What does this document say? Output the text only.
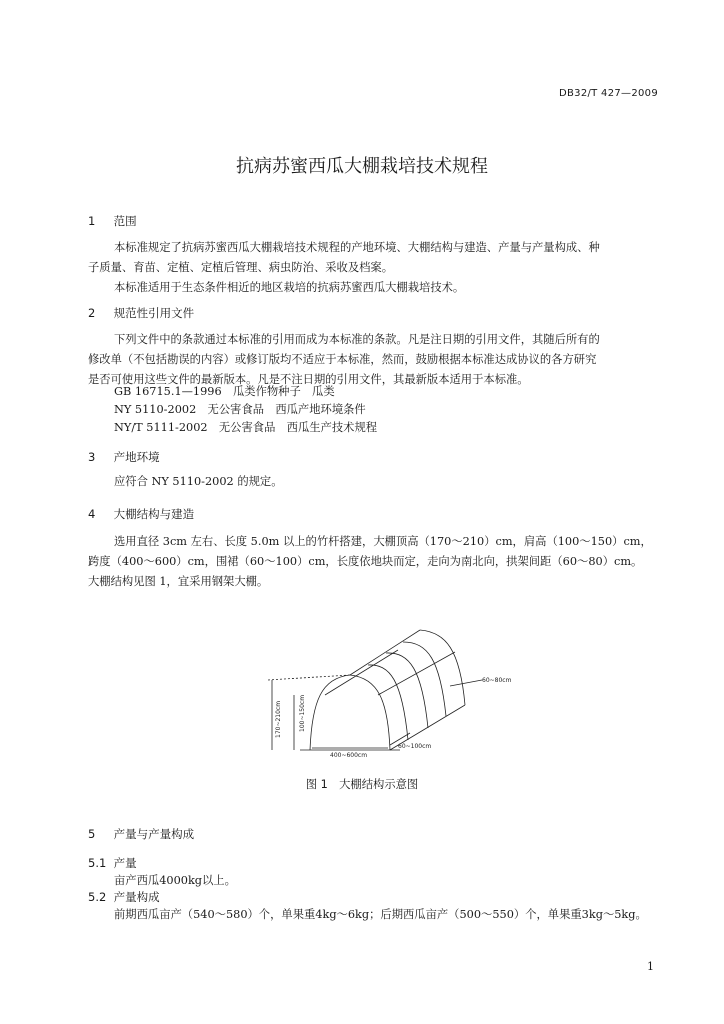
DB32/T 427—2009
抗病苏蜜西瓜大棚栽培技术规程
1 范围
本标准规定了抗病苏蜜西瓜大棚栽培技术规程的产地环境、大棚结构与建造、产量与产量构成、种
子质量、育苗、定植、定植后管理、病虫防治、采收及档案。
本标准适用于生态条件相近的地区栽培的抗病苏蜜西瓜大棚栽培技术。
2 规范性引用文件
下列文件中的条款通过本标准的引用而成为本标准的条款。凡是注日期的引用文件，其随后所有的
修改单（不包括勘误的内容）或修订版均不适应于本标准，然而，鼓励根据本标准达成协议的各方研究
是否可使用这些文件的最新版本。凡是不注日期的引用文件，其最新版本适用于本标准。
GB 16715.1—1996　瓜类作物种子　瓜类
NY 5110-2002　无公害食品　西瓜产地环境条件
NY/T 5111-2002　无公害食品　西瓜生产技术规程
3 产地环境
应符合 NY 5110-2002 的规定。
4 大棚结构与建造
选用直径 3cm 左右、长度 5.0m 以上的竹杆搭建，大棚顶高（170～210）cm，肩高（100～150）cm，
跨度（400～600）cm，围裙（60～100）cm，长度依地块而定，走向为南北向，拱架间距（60～80）cm。
大棚结构见图 1，宜采用钢架大棚。
170~210cm	100~150cm
400~600cm
60~100cm
60~80cm
图 1　大棚结构示意图
5 产量与产量构成
5.1 产量
亩产西瓜4000kg以上。
5.2 产量构成
前期西瓜亩产（540～580）个，单果重4kg～6kg；后期西瓜亩产（500～550）个，单果重3kg～5kg。
1
